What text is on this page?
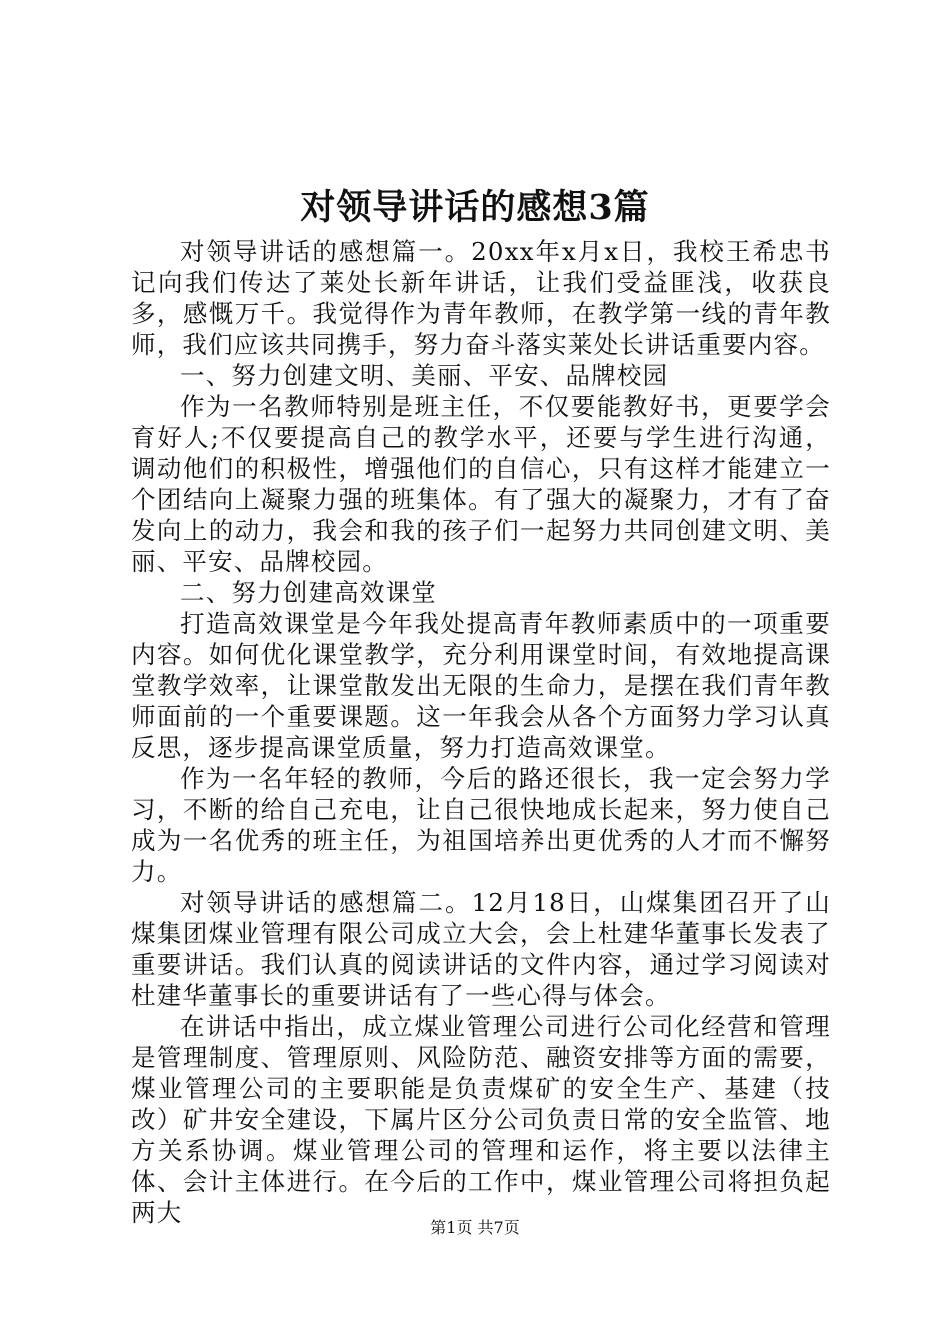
对领导讲话的感想3篇

对领导讲话的感想篇一。20xx年x月x日，我校王希忠书记向我们传达了莱处长新年讲话，让我们受益匪浅，收获良多，感慨万千。我觉得作为青年教师，在教学第一线的青年教师，我们应该共同携手，努力奋斗落实莱处长讲话重要内容。

一、努力创建文明、美丽、平安、品牌校园

作为一名教师特别是班主任，不仅要能教好书，更要学会育好人;不仅要提高自己的教学水平，还要与学生进行沟通，调动他们的积极性，增强他们的自信心，只有这样才能建立一个团结向上凝聚力强的班集体。有了强大的凝聚力，才有了奋发向上的动力，我会和我的孩子们一起努力共同创建文明、美丽、平安、品牌校园。

二、努力创建高效课堂

打造高效课堂是今年我处提高青年教师素质中的一项重要内容。如何优化课堂教学，充分利用课堂时间，有效地提高课堂教学效率，让课堂散发出无限的生命力，是摆在我们青年教师面前的一个重要课题。这一年我会从各个方面努力学习认真反思，逐步提高课堂质量，努力打造高效课堂。

作为一名年轻的教师，今后的路还很长，我一定会努力学习，不断的给自己充电，让自己很快地成长起来，努力使自己成为一名优秀的班主任，为祖国培养出更优秀的人才而不懈努力。

对领导讲话的感想篇二。12月18日，山煤集团召开了山煤集团煤业管理有限公司成立大会，会上杜建华董事长发表了重要讲话。我们认真的阅读讲话的文件内容，通过学习阅读对杜建华董事长的重要讲话有了一些心得与体会。

在讲话中指出，成立煤业管理公司进行公司化经营和管理是管理制度、管理原则、风险防范、融资安排等方面的需要，煤业管理公司的主要职能是负责煤矿的安全生产、基建（技改）矿井安全建设，下属片区分公司负责日常的安全监管、地方关系协调。煤业管理公司的管理和运作，将主要以法律主体、会计主体进行。在今后的工作中，煤业管理公司将担负起两大

第1页 共7页
